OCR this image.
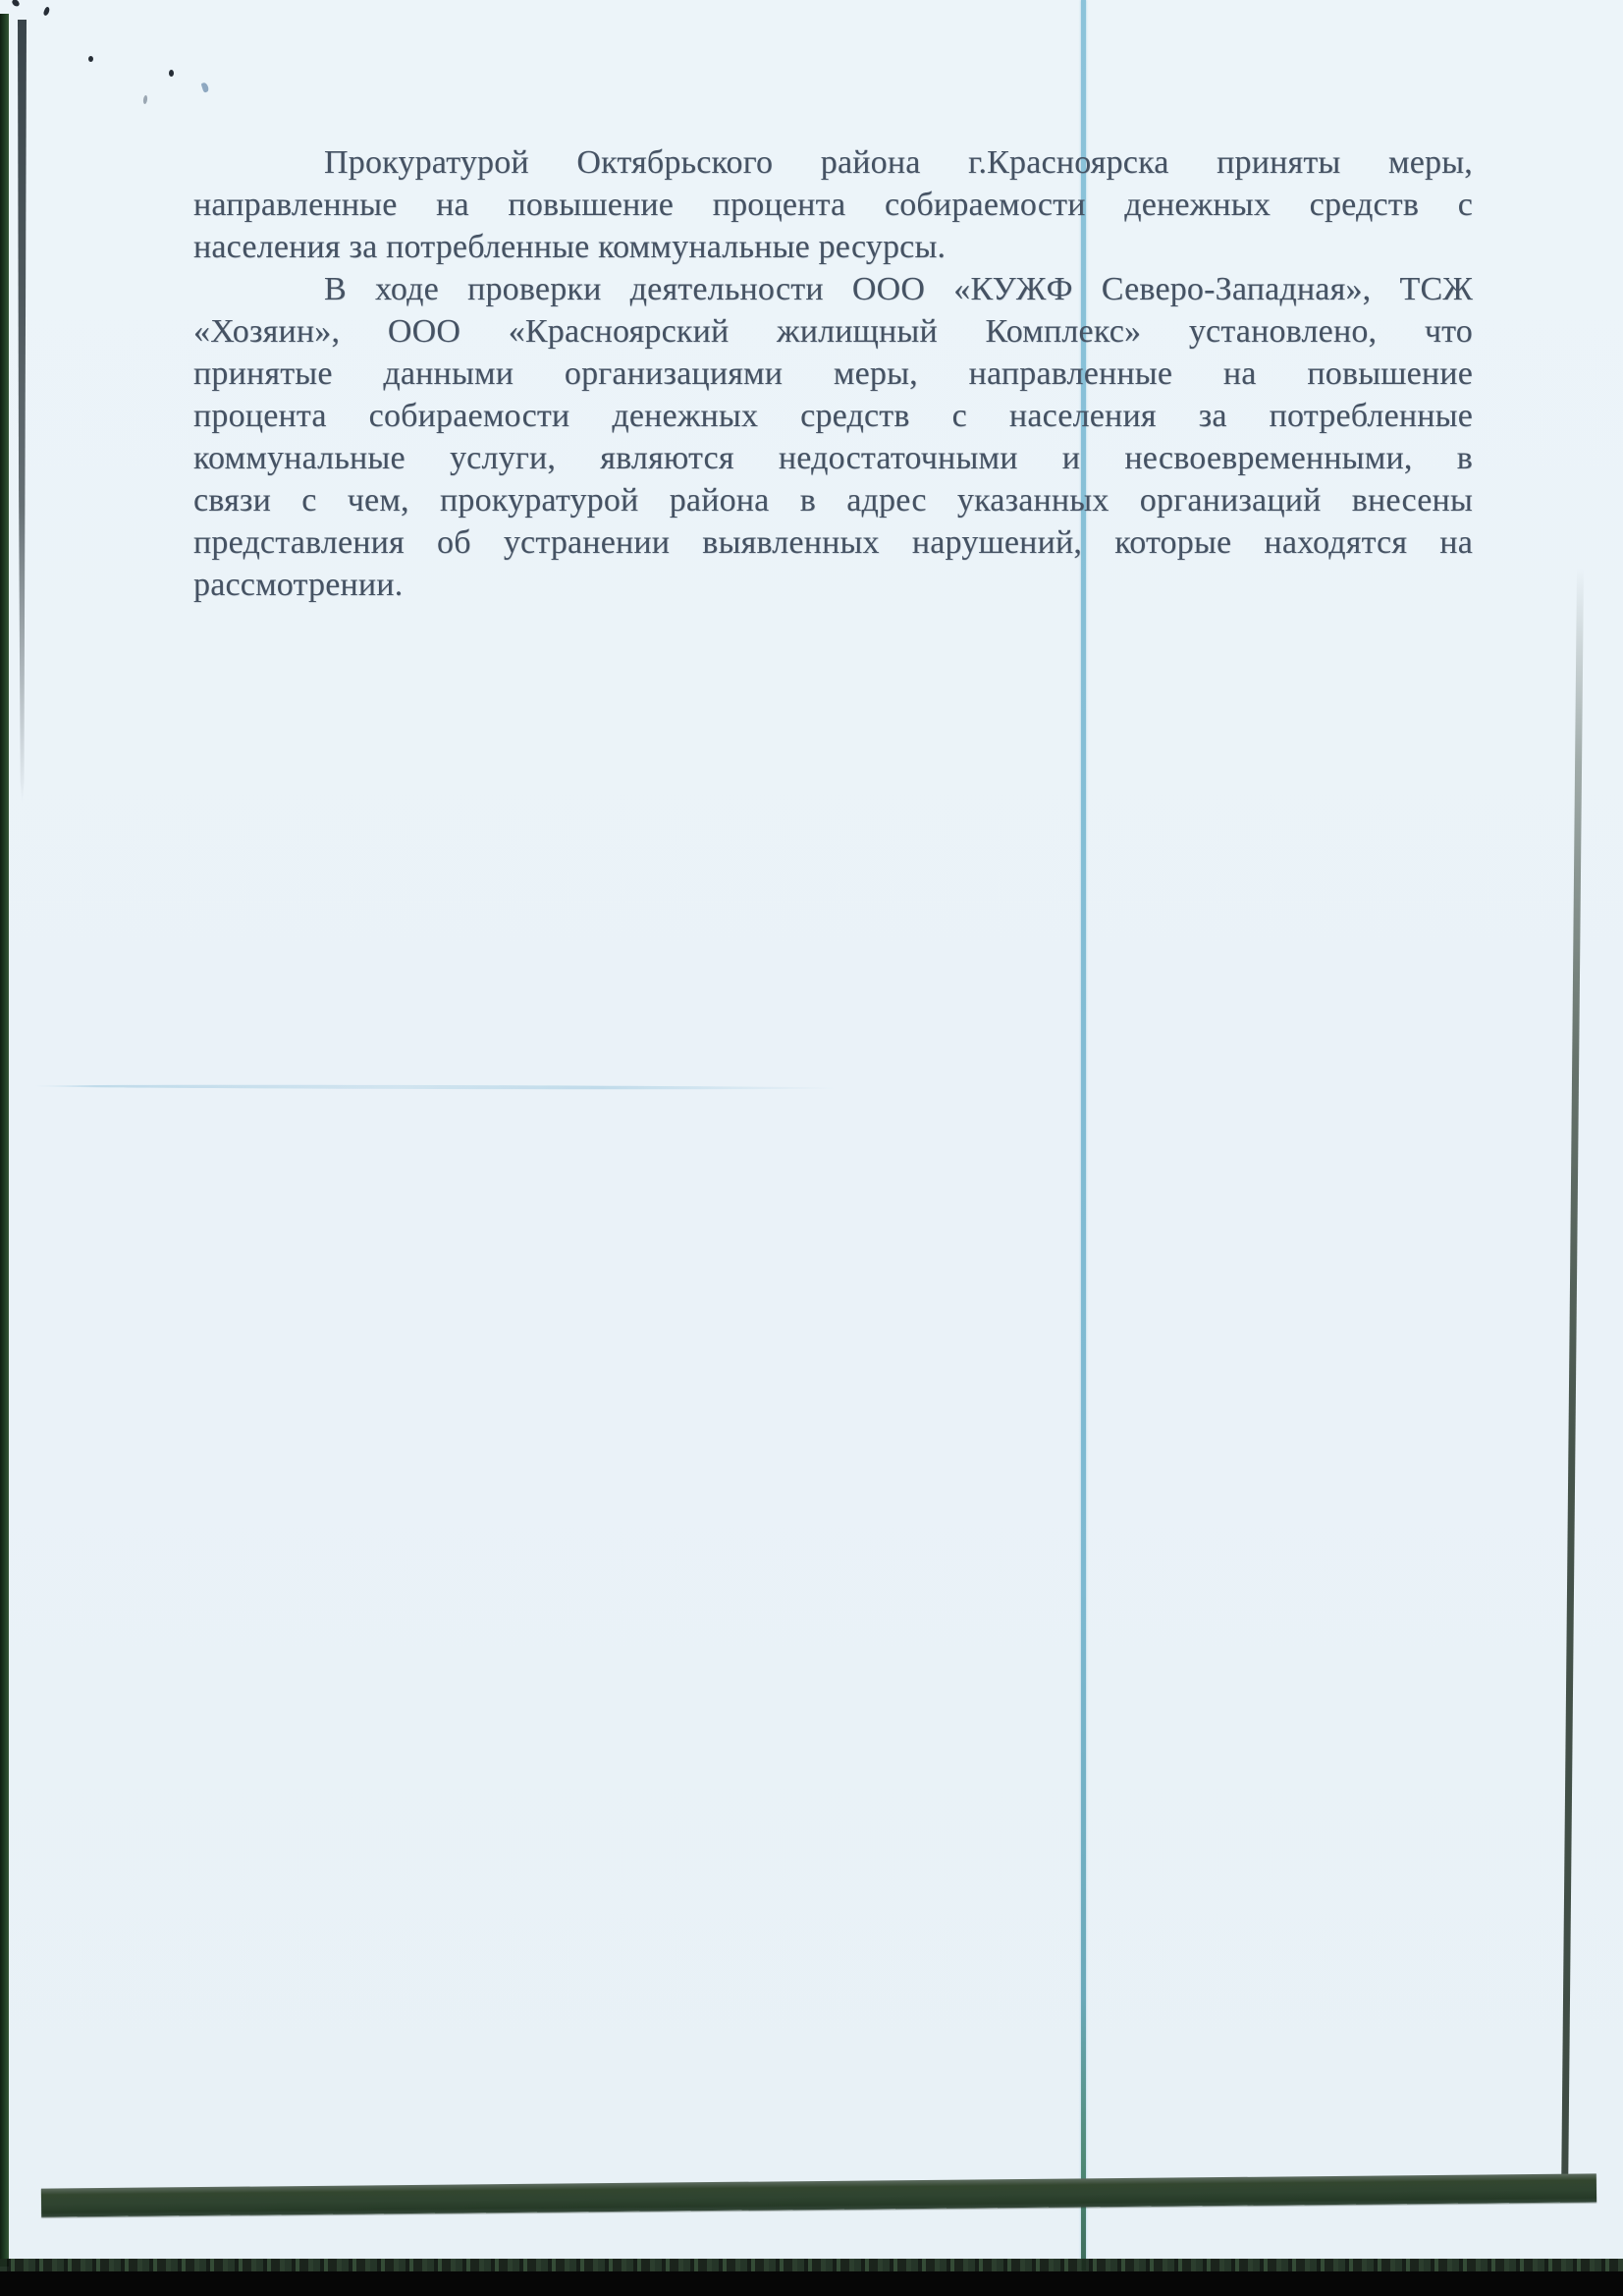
Прокуратурой Октябрьского района г.Красноярска приняты меры,
направленные на повышение процента собираемости денежных средств с
населения за потребленные коммунальные ресурсы.
В ходе проверки деятельности ООО «КУЖФ Северо-Западная», ТСЖ
«Хозяин», ООО «Красноярский жилищный Комплекс» установлено, что
принятые данными организациями меры, направленные на повышение
процента собираемости денежных средств с населения за потребленные
коммунальные услуги, являются недостаточными и несвоевременными, в
связи с чем, прокуратурой района в адрес указанных организаций внесены
представления об устранении выявленных нарушений, которые находятся на
рассмотрении.
